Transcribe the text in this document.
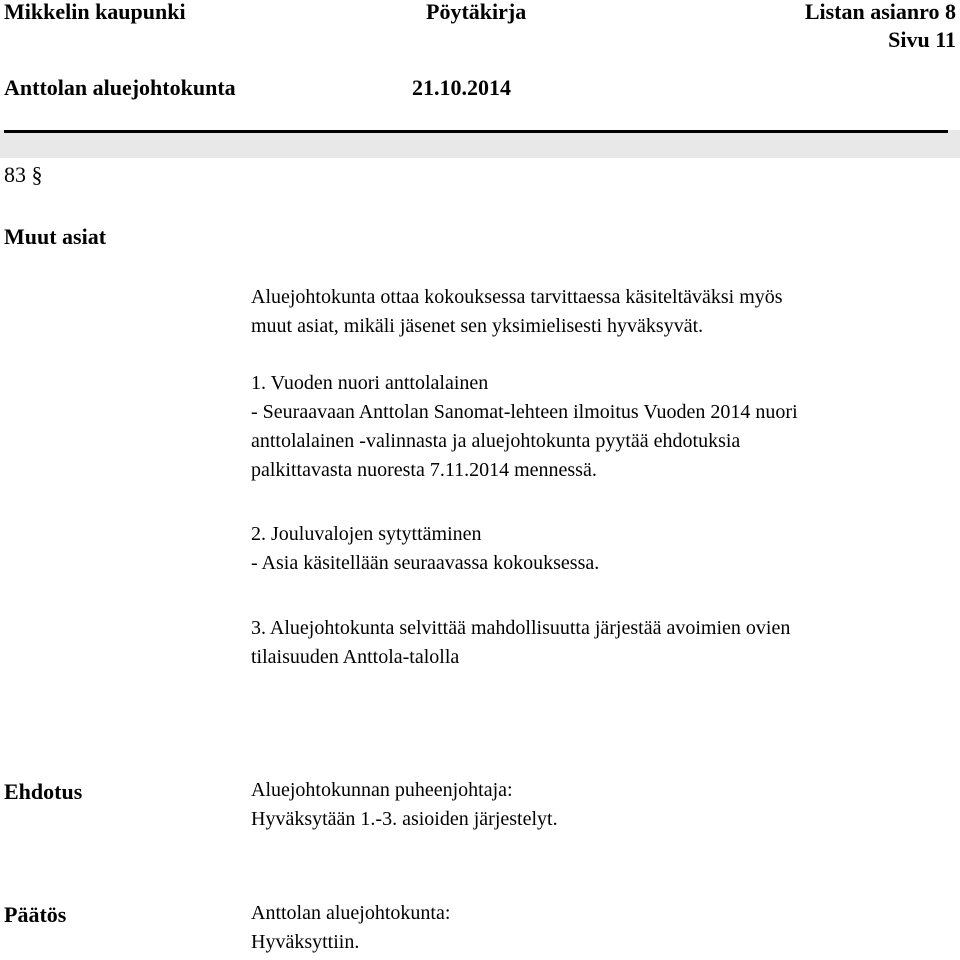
Mikkelin kaupunki	Pöytäkirja	Listan asianro 8
Sivu 11
Anttolan aluejohtokunta	21.10.2014
83 §
Muut asiat

Aluejohtokunta ottaa kokouksessa tarvittaessa käsiteltäväksi myös
muut asiat, mikäli jäsenet sen yksimielisesti hyväksyvät.

1. Vuoden nuori anttolalainen
- Seuraavaan Anttolan Sanomat-lehteen ilmoitus Vuoden 2014 nuori
anttolalainen -valinnasta ja aluejohtokunta pyytää ehdotuksia
palkittavasta nuoresta 7.11.2014 mennessä.

2. Jouluvalojen sytyttäminen
- Asia käsitellään seuraavassa kokouksessa.

3. Aluejohtokunta selvittää mahdollisuutta järjestää avoimien ovien
tilaisuuden Anttola-talolla

Ehdotus	Aluejohtokunnan puheenjohtaja:
Hyväksytään 1.-3. asioiden järjestelyt.

Päätös	Anttolan aluejohtokunta:
Hyväksyttiin.
